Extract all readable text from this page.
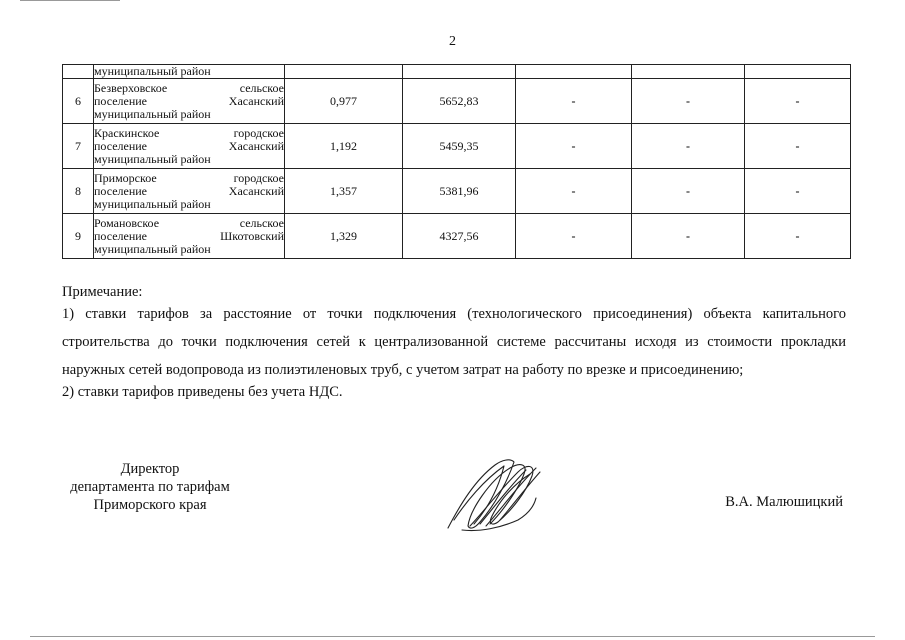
2
	муниципальный район					
6	Безверховское сельское
поселение Хасанский
муниципальный район	0,977	5652,83	-	-	-
7	Краскинское городское
поселение Хасанский
муниципальный район	1,192	5459,35	-	-	-
8	Приморское городское
поселение Хасанский
муниципальный район	1,357	5381,96	-	-	-
9	Романовское сельское
поселение Шкотовский
муниципальный район	1,329	4327,56	-	-	-
Примечание:
1) ставки тарифов за расстояние от точки подключения (технологического присоединения) объекта капитального строительства до точки подключения сетей к централизованной системе рассчитаны исходя из стоимости прокладки наружных сетей водопровода из полиэтиленовых труб, с учетом затрат на работу по врезке и присоединению;
2) ставки тарифов приведены без учета НДС.
Директор
департамента по тарифам
Приморского края	В.А. Малюшицкий
